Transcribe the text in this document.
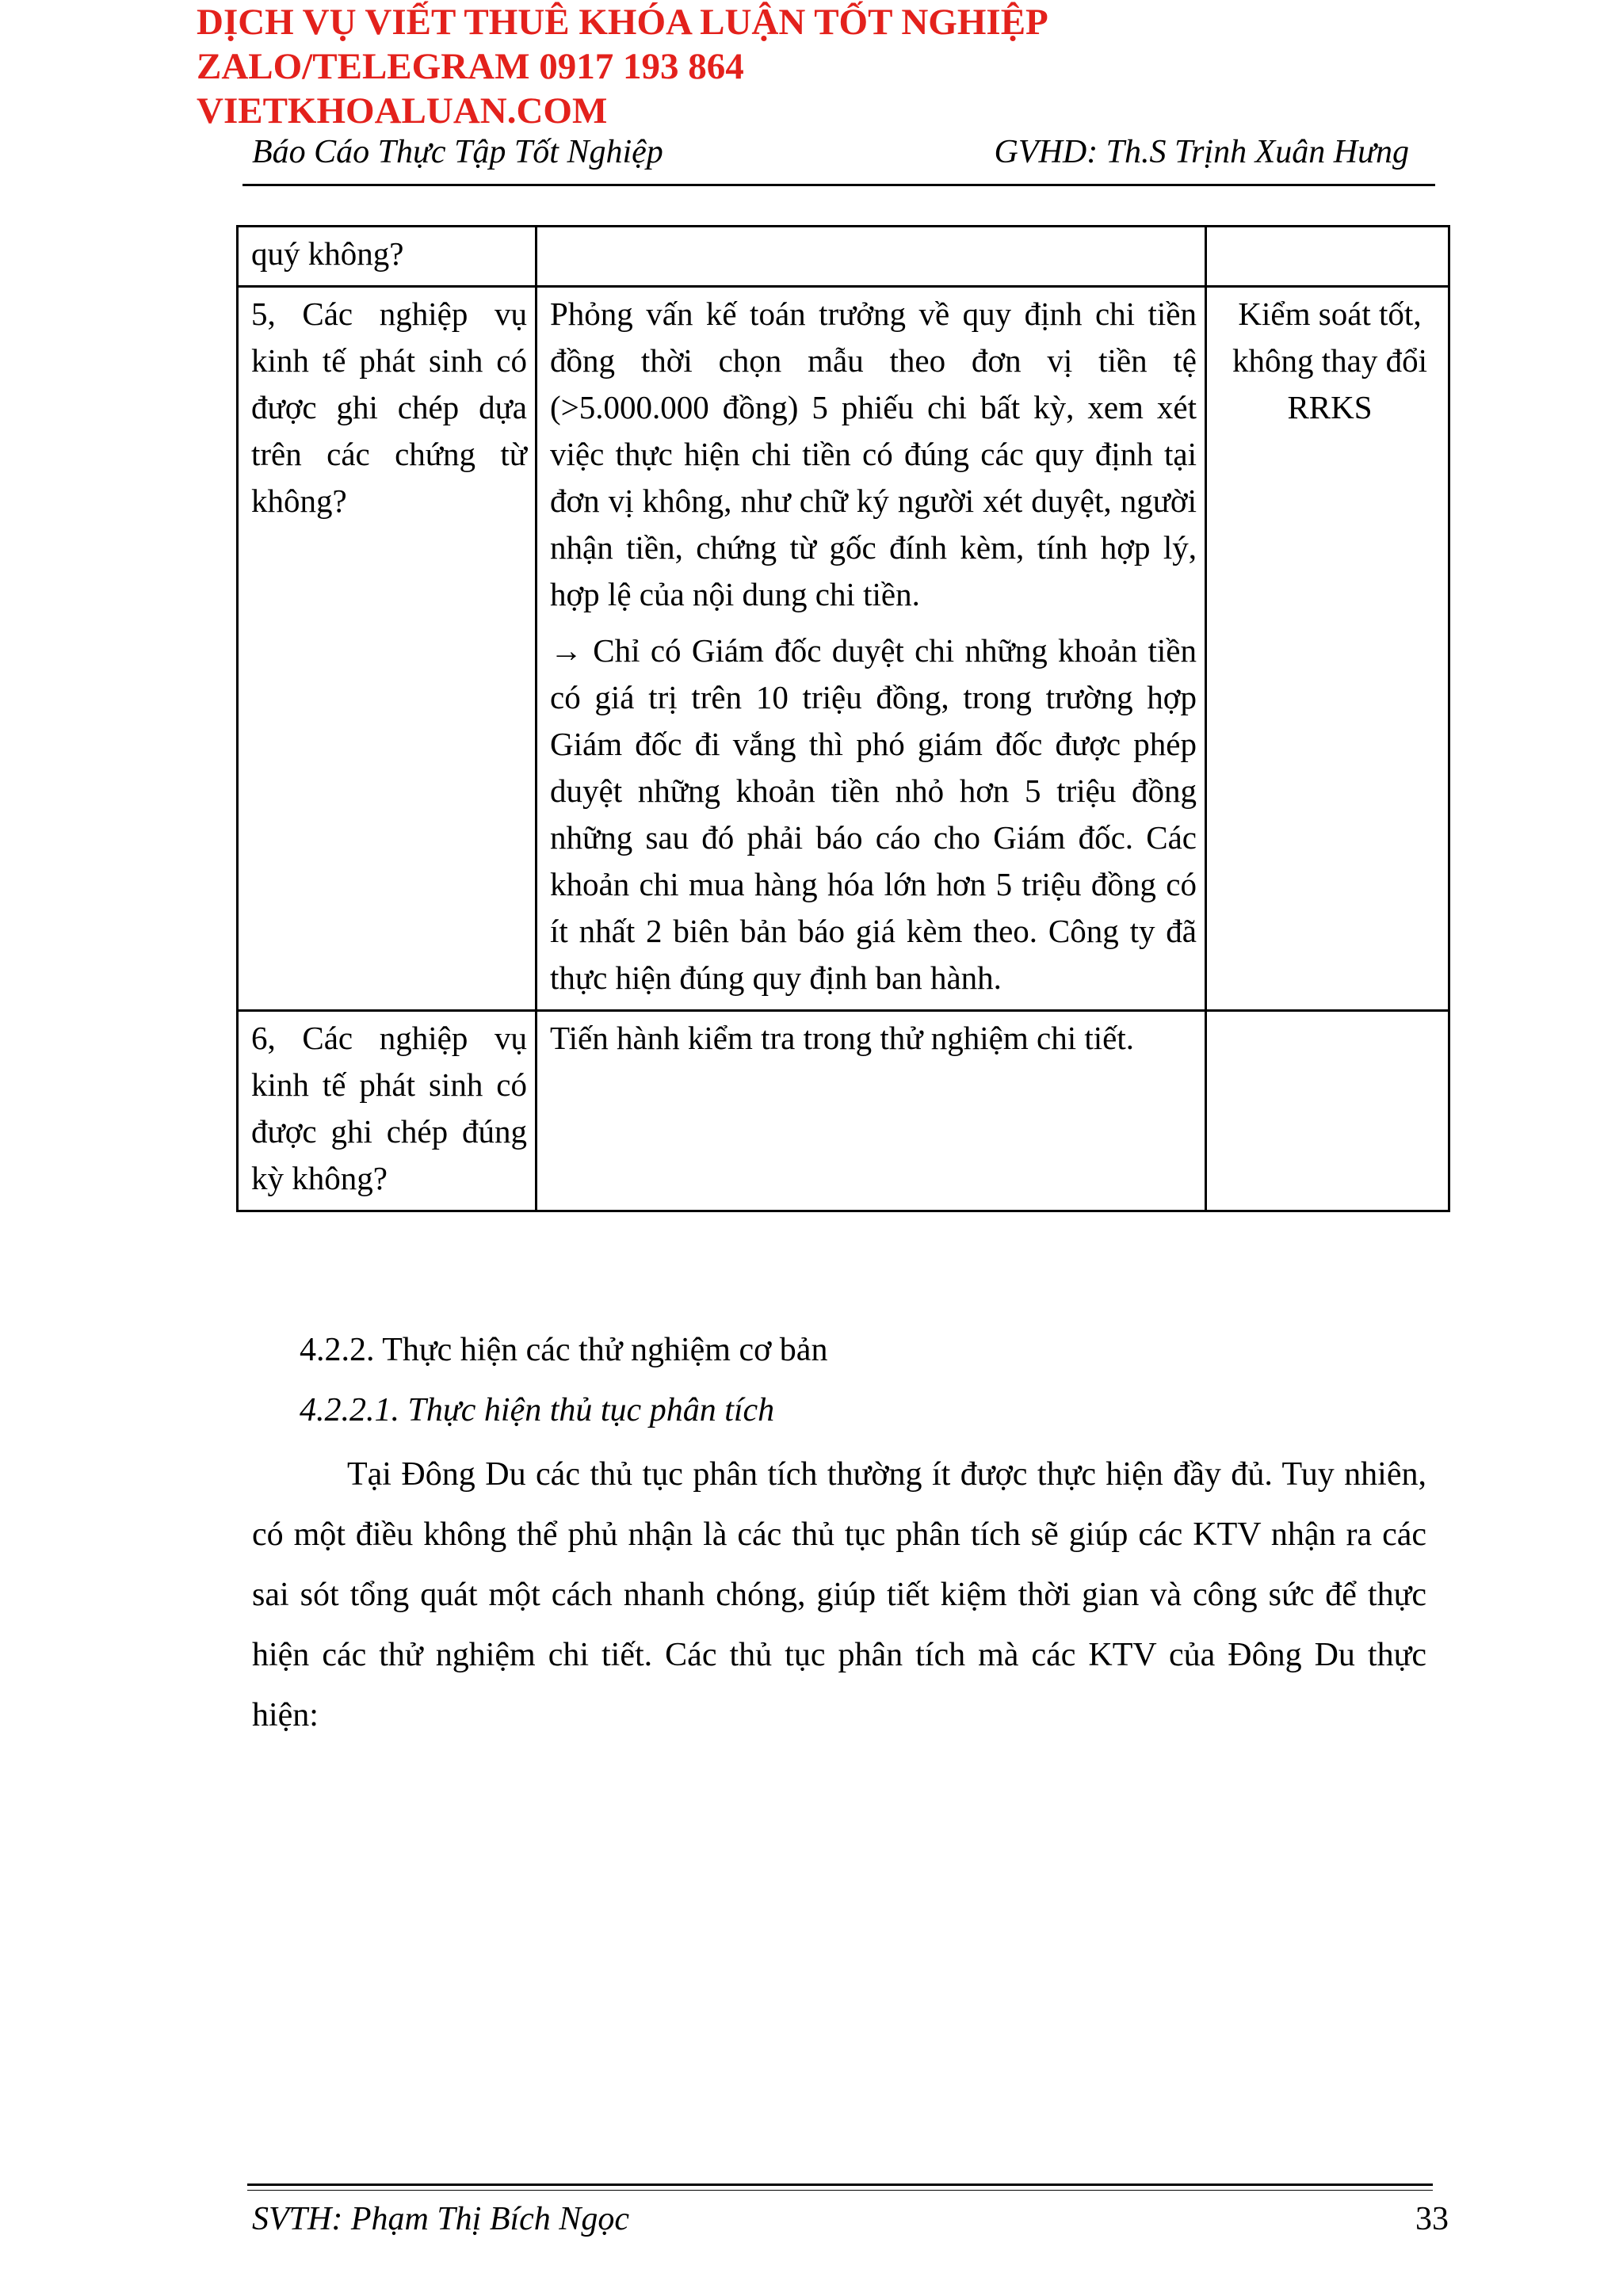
DỊCH VỤ VIẾT THUÊ KHÓA LUẬN TỐT NGHIỆP
ZALO/TELEGRAM 0917 193 864
VIETKHOALUAN.COM
Báo Cáo Thực Tập Tốt Nghiệp	GVHD: Th.S Trịnh Xuân Hưng
quý không?		
5, Các nghiệp vụ kinh tế phát sinh có được ghi chép dựa trên các chứng từ không?	Phỏng vấn kế toán trưởng về quy định chi tiền đồng thời chọn mẫu theo đơn vị tiền tệ (>5.000.000 đồng) 5 phiếu chi bất kỳ, xem xét việc thực hiện chi tiền có đúng các quy định tại đơn vị không, như chữ ký người xét duyệt, người nhận tiền, chứng từ gốc đính kèm, tính hợp lý, hợp lệ của nội dung chi tiền.
→ Chỉ có Giám đốc duyệt chi những khoản tiền có giá trị trên 10 triệu đồng, trong trường hợp Giám đốc đi vắng thì phó giám đốc được phép duyệt những khoản tiền nhỏ hơn 5 triệu đồng những sau đó phải báo cáo cho Giám đốc. Các khoản chi mua hàng hóa lớn hơn 5 triệu đồng có ít nhất 2 biên bản báo giá kèm theo. Công ty đã thực hiện đúng quy định ban hành.	Kiểm soát tốt, không thay đổi RRKS
6, Các nghiệp vụ kinh tế phát sinh có được ghi chép đúng kỳ không?	Tiến hành kiểm tra trong thử nghiệm chi tiết.	
4.2.2. Thực hiện các thử nghiệm cơ bản
4.2.2.1. Thực hiện thủ tục phân tích
Tại Đông Du các thủ tục phân tích thường ít được thực hiện đầy đủ. Tuy nhiên, có một điều không thể phủ nhận là các thủ tục phân tích sẽ giúp các KTV nhận ra các sai sót tổng quát một cách nhanh chóng, giúp tiết kiệm thời gian và công sức để thực hiện các thử nghiệm chi tiết. Các thủ tục phân tích mà các KTV của Đông Du thực hiện:
SVTH: Phạm Thị Bích Ngọc	33
